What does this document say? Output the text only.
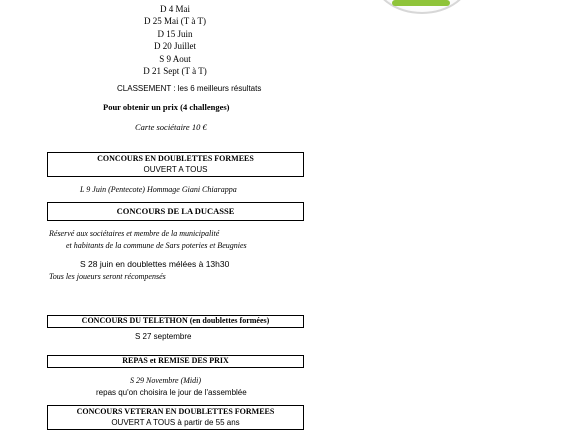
D 4 Mai
D 25 Mai (T à T)
D 15 Juin
D 20 Juillet
S 9 Aout
D 21 Sept (T à T)
CLASSEMENT : les 6 meilleurs résultats
Pour obtenir un prix (4 challenges)
Carte sociétaire 10 €
CONCOURS EN DOUBLETTES FORMEES
OUVERT A TOUS
L 9 Juin (Pentecote) Hommage Giani Chiarappa
CONCOURS DE LA DUCASSE
Réservé aux sociétaires et membre de la municipalité
et habitants de la commune de Sars poteries et Beugnies
S 28 juin en doublettes mélées à 13h30
Tous les joueurs seront récompensés
CONCOURS DU TELETHON (en doublettes formées)
S 27 septembre
REPAS et REMISE DES PRIX
S 29 Novembre (Midi)
repas qu'on choisira le jour de l'assemblée
CONCOURS VETERAN EN DOUBLETTES FORMEES
OUVERT A TOUS à partir de 55 ans
